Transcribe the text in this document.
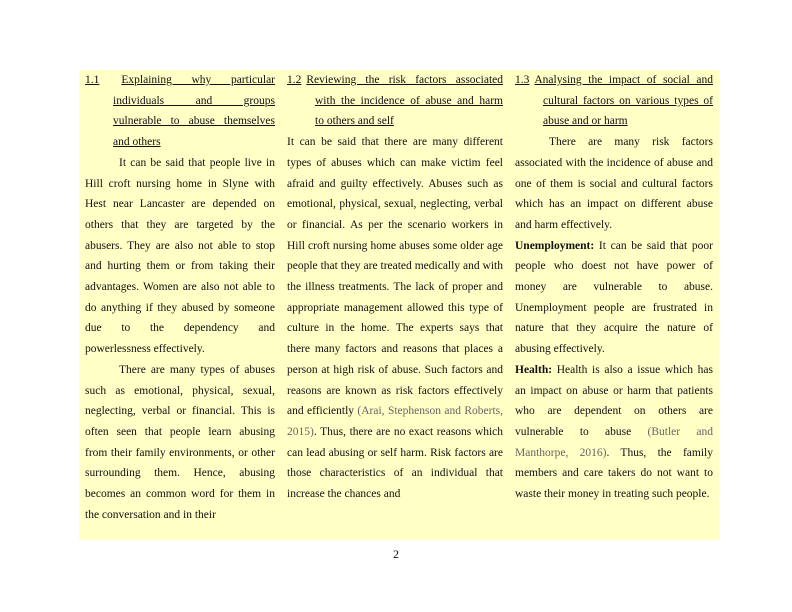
1.1 Explaining why particular
individuals and groups
vulnerable to abuse themselves
and others

It can be said that people live in Hill croft nursing home in Slyne with Hest near Lancaster are depended on others that they are targeted by the abusers. They are also not able to stop and hurting them or from taking their advantages. Women are also not able to do anything if they abused by someone due to the dependency and powerlessness effectively.

There are many types of abuses such as emotional, physical, sexual, neglecting, verbal or financial. This is often seen that people learn abusing from their family environments, or other surrounding them. Hence, abusing becomes an common word for them in the conversation and in their

1.2 Reviewing the risk factors associated
with the incidence of abuse and harm
to others and self

It can be said that there are many different types of abuses which can make victim feel afraid and guilty effectively. Abuses such as emotional, physical, sexual, neglecting, verbal or financial. As per the scenario workers in Hill croft nursing home abuses some older age people that they are treated medically and with the illness treatments. The lack of proper and appropriate management allowed this type of culture in the home. The experts says that there many factors and reasons that places a person at high risk of abuse. Such factors and reasons are known as risk factors effectively and efficiently (Arai, Stephenson and Roberts, 2015). Thus, there are no exact reasons which can lead abusing or self harm. Risk factors are those characteristics of an individual that increase the chances and

1.3 Analysing the impact of social and
cultural factors on various types of
abuse and or harm

There are many risk factors associated with the incidence of abuse and one of them is social and cultural factors which has an impact on different abuse and harm effectively.

Unemployment: It can be said that poor people who doest not have power of money are vulnerable to abuse. Unemployment people are frustrated in nature that they acquire the nature of abusing effectively.

Health: Health is also a issue which has an impact on abuse or harm that patients who are dependent on others are vulnerable to abuse (Butler and Manthorpe, 2016). Thus, the family members and care takers do not want to waste their money in treating such people.

2
